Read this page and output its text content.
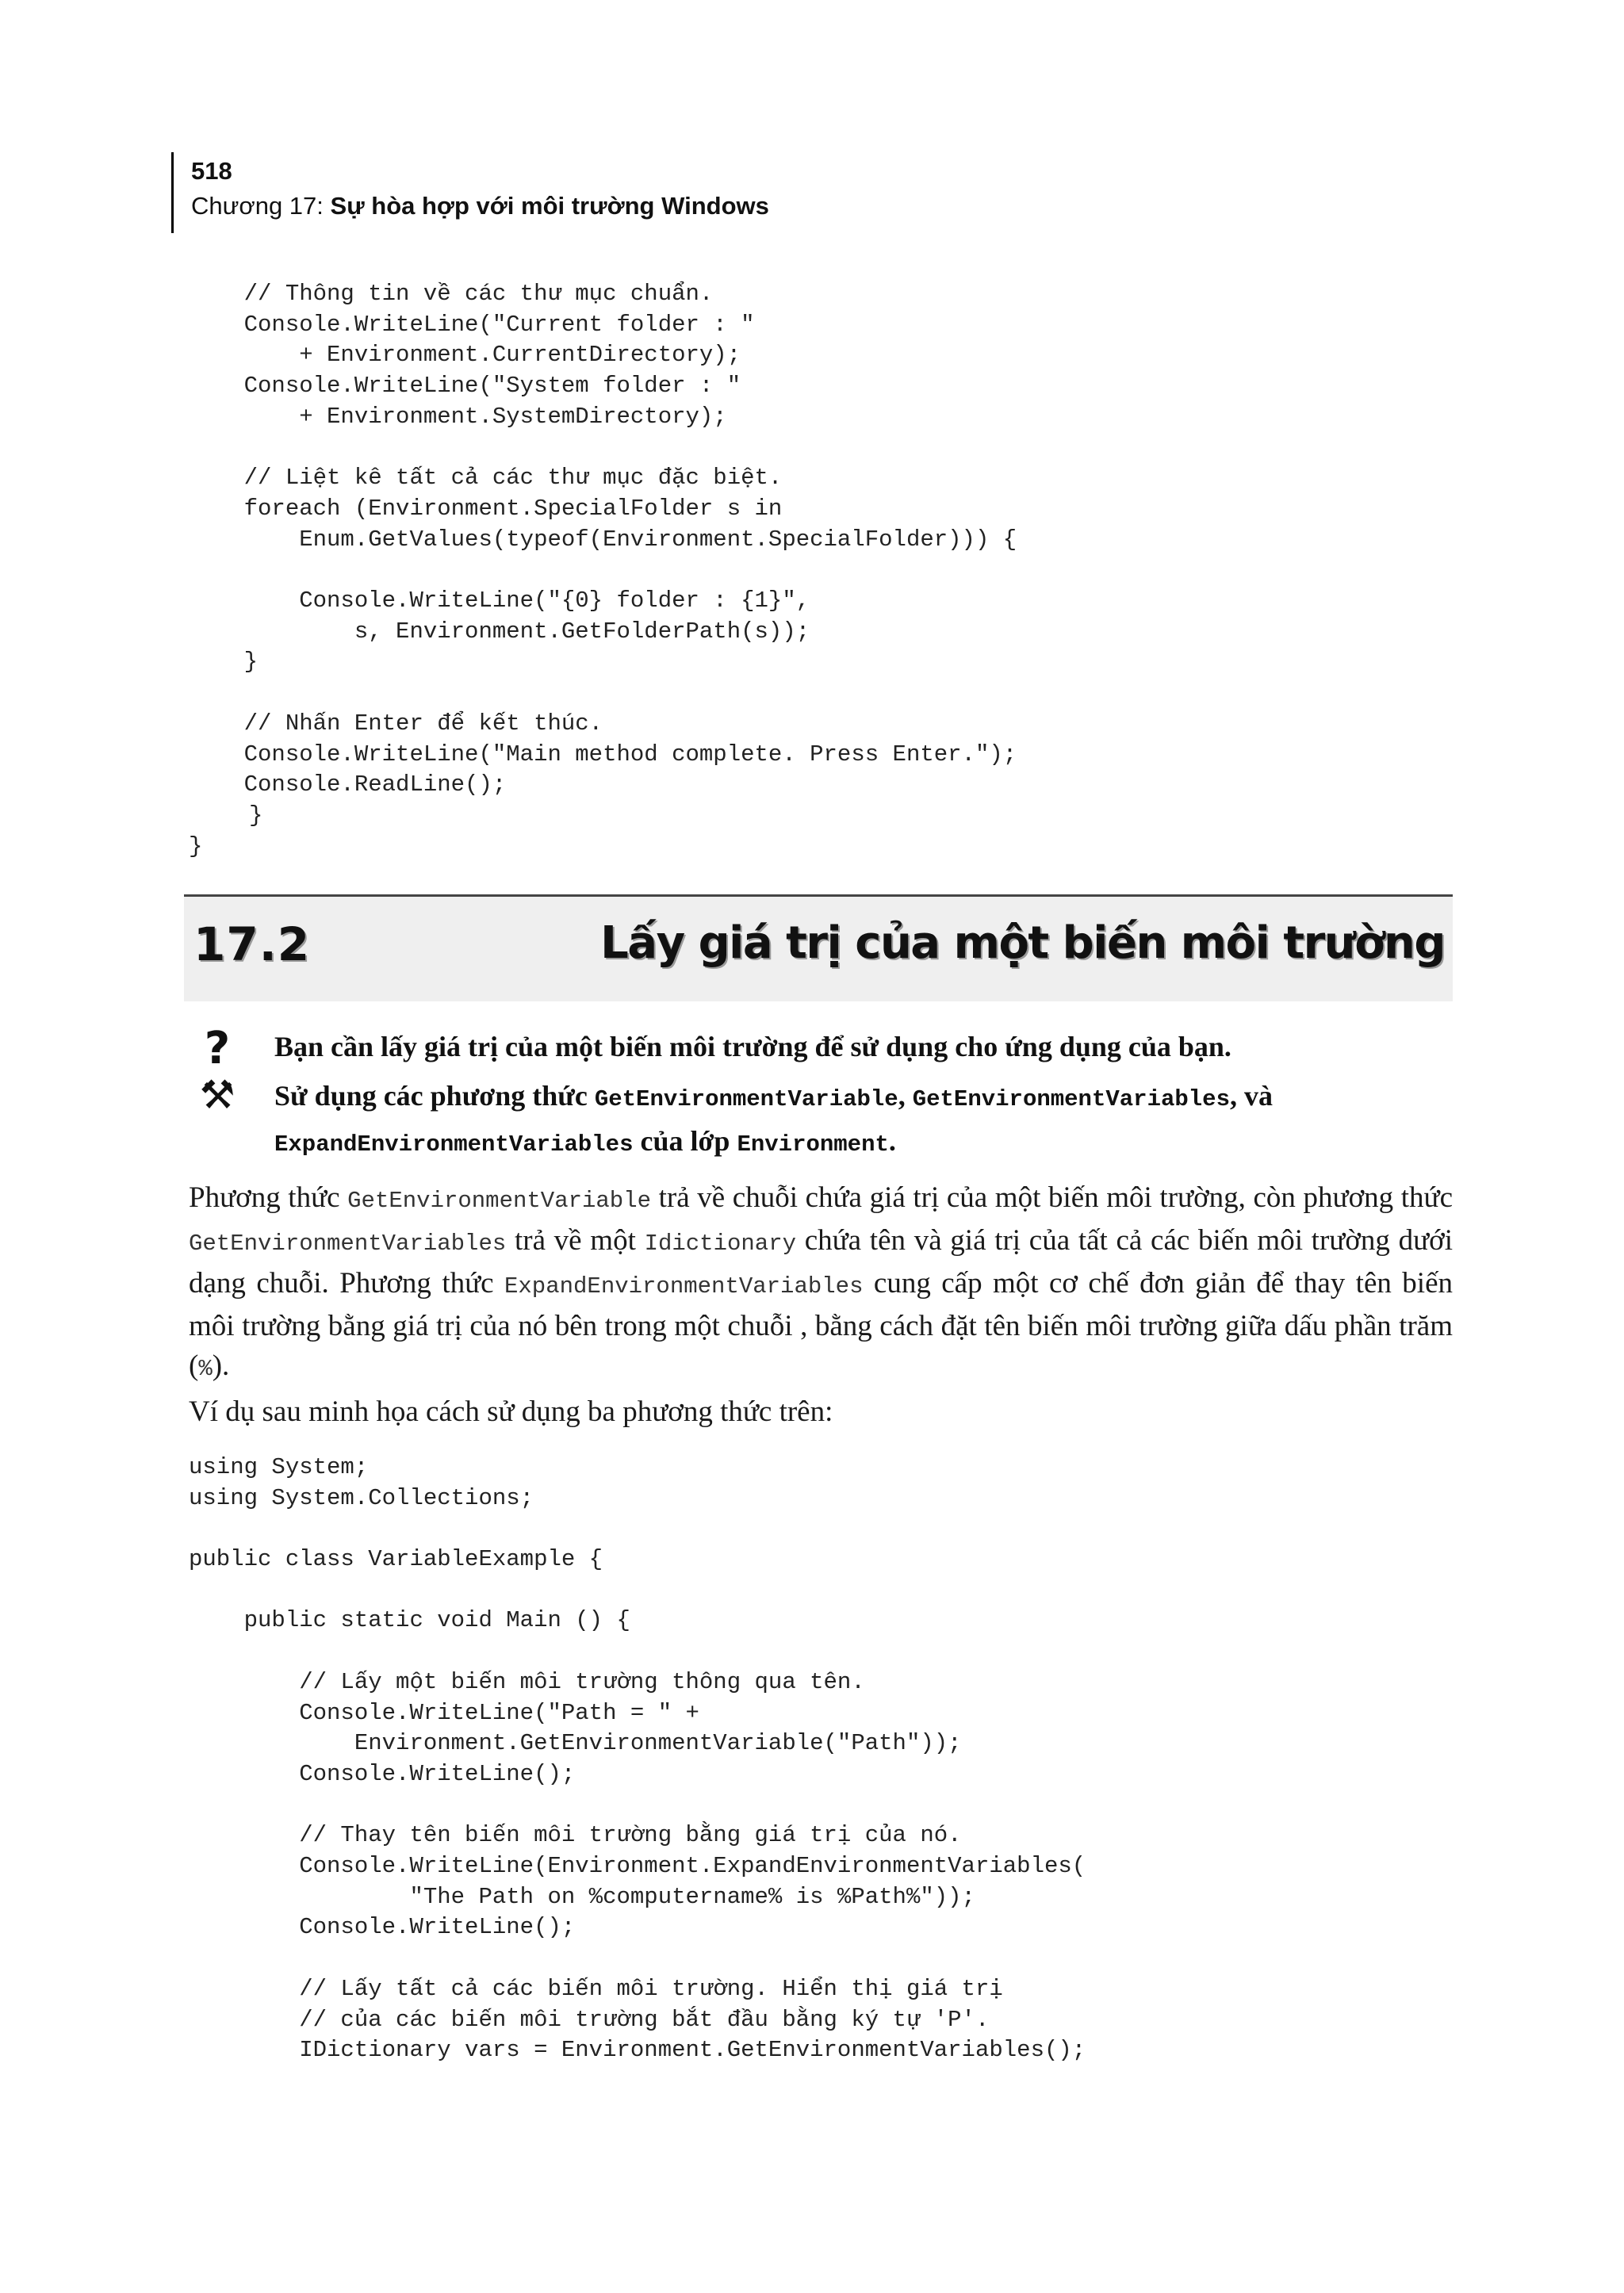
518
Chương 17: Sự hòa hợp với môi trường Windows
// Thông tin về các thư mục chuẩn.
Console.WriteLine("Current folder : "
+ Environment.CurrentDirectory);
Console.WriteLine("System folder : "
+ Environment.SystemDirectory);
// Liệt kê tất cả các thư mục đặc biệt.
foreach (Environment.SpecialFolder s in
Enum.GetValues(typeof(Environment.SpecialFolder))) {
Console.WriteLine("{0} folder : {1}",
s, Environment.GetFolderPath(s));
}
// Nhấn Enter để kết thúc.
Console.WriteLine("Main method complete. Press Enter.");
Console.ReadLine();
}
}
17.2	Lấy giá trị của một biến môi trường
?	Bạn cần lấy giá trị của một biến môi trường để sử dụng cho ứng dụng của bạn.
⚒ Sử dụng các phương thức GetEnvironmentVariable, GetEnvironmentVariables, và ExpandEnvironmentVariables của lớp Environment.

Phương thức GetEnvironmentVariable trả về chuỗi chứa giá trị của một biến môi trường, còn phương thức GetEnvironmentVariables trả về một Idictionary chứa tên và giá trị của tất cả các biến môi trường dưới dạng chuỗi. Phương thức ExpandEnvironmentVariables cung cấp một cơ chế đơn giản để thay tên biến môi trường bằng giá trị của nó bên trong một chuỗi , bằng cách đặt tên biến môi trường giữa dấu phần trăm (%).

Ví dụ sau minh họa cách sử dụng ba phương thức trên:

using System;
using System.Collections;
public class VariableExample {
public static void Main () {
// Lấy một biến môi trường thông qua tên.
Console.WriteLine("Path = " +
Environment.GetEnvironmentVariable("Path"));
Console.WriteLine();
// Thay tên biến môi trường bằng giá trị của nó.
Console.WriteLine(Environment.ExpandEnvironmentVariables(
"The Path on %computername% is %Path%"));
Console.WriteLine();
// Lấy tất cả các biến môi trường. Hiển thị giá trị
// của các biến môi trường bắt đầu bằng ký tự 'P'.
IDictionary vars = Environment.GetEnvironmentVariables();
